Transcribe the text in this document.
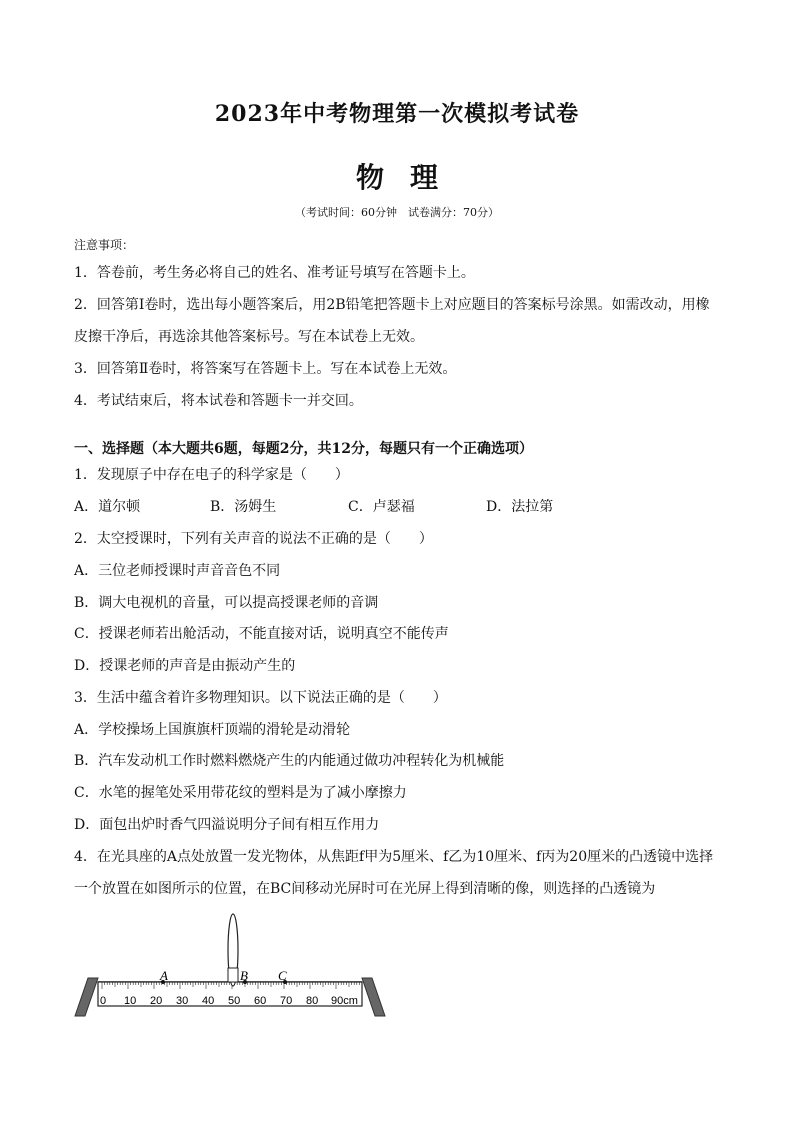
2023年中考物理第一次模拟考试卷
物理
（考试时间：60分钟　试卷满分：70分）
注意事项：
1．答卷前，考生务必将自己的姓名、准考证号填写在答题卡上。
2．回答第Ⅰ卷时，选出每小题答案后，用2B铅笔把答题卡上对应题目的答案标号涂黑。如需改动，用橡
皮擦干净后，再选涂其他答案标号。写在本试卷上无效。
3．回答第Ⅱ卷时，将答案写在答题卡上。写在本试卷上无效。
4．考试结束后，将本试卷和答题卡一并交回。
一、选择题（本大题共6题，每题2分，共12分，每题只有一个正确选项）
1．发现原子中存在电子的科学家是（　　）
A．道尔顿	B．汤姆生	C．卢瑟福	D．法拉第
2．太空授课时，下列有关声音的说法不正确的是（　　）
A．三位老师授课时声音音色不同
B．调大电视机的音量，可以提高授课老师的音调
C．授课老师若出舱活动，不能直接对话，说明真空不能传声
D．授课老师的声音是由振动产生的
3．生活中蕴含着许多物理知识。以下说法正确的是（　　）
A．学校操场上国旗旗杆顶端的滑轮是动滑轮
B．汽车发动机工作时燃料燃烧产生的内能通过做功冲程转化为机械能
C．水笔的握笔处采用带花纹的塑料是为了减小摩擦力
D．面包出炉时香气四溢说明分子间有相互作用力
4．在光具座的A点处放置一发光物体，从焦距f甲为5厘米、f乙为10厘米、f丙为20厘米的凸透镜中选择
一个放置在如图所示的位置，在BC间移动光屏时可在光屏上得到清晰的像，则选择的凸透镜为
A	B C
0 10 20 30 40 50 60 70 80 90cm
